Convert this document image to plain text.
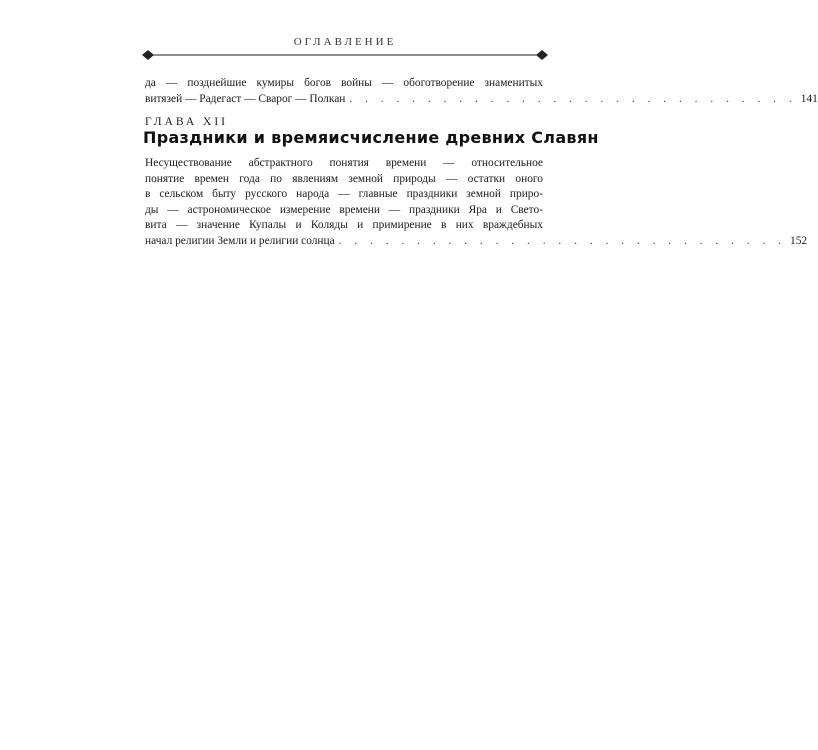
ОГЛАВЛЕНИЕ
да — позднейшие кумиры богов войны — обоготворение знаменитых
витязей — Радегаст — Сварог — Полкан . . . . . . . . . . . . . . . . . . . . . . . . . . . . . 141
ГЛАВА XII
Праздники и времяисчисление древних Славян
Несуществование абстрактного понятия времени — относительное
понятие времен года по явлениям земной природы — остатки оного
в сельском быту русского народа — главные праздники земной приро-
ды — астрономическое измерение времени — праздники Яра и Свето-
вита — значение Купалы и Коляды и примирение в них враждебных
начал религии Земли и религии солнца . . . . . . . . . . . . . . . . . . . . . . . . . . . . . 152
